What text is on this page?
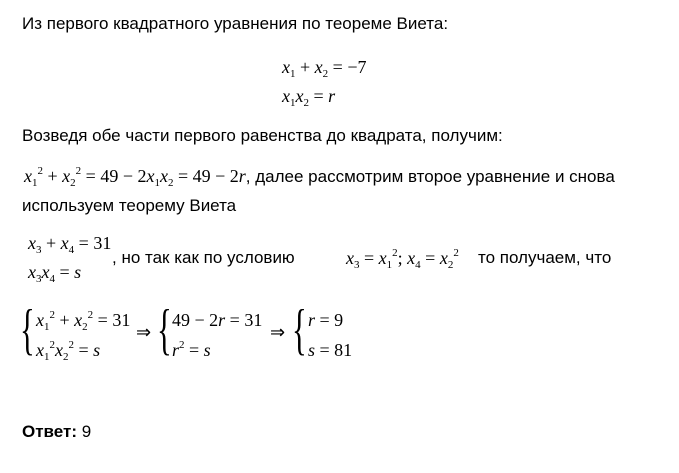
Из первого квадратного уравнения по теореме Виета:
$x_1 + x_2 = -7$
$x_1x_2 = r$
Возведя обе части первого равенства до квадрата, получим:
$x_1^2 + x_2^2 = 49 - 2x_1x_2 = 49 - 2r$, далее рассмотрим второе уравнение и снова
используем теорему Виета
$x_3 + x_4 = 31$
$x_3x_4 = s$
, но так как по условию	$x_3 = x_1^2$; $x_4 = x_2^2$ то получаем, что
{ $x_1^2 + x_2^2 = 31$
$x_1^2x_2^2 = s$
⇒ { 49 − 2r = 31
$r^2 = s$
⇒ { r = 9
s = 81
Ответ: 9
